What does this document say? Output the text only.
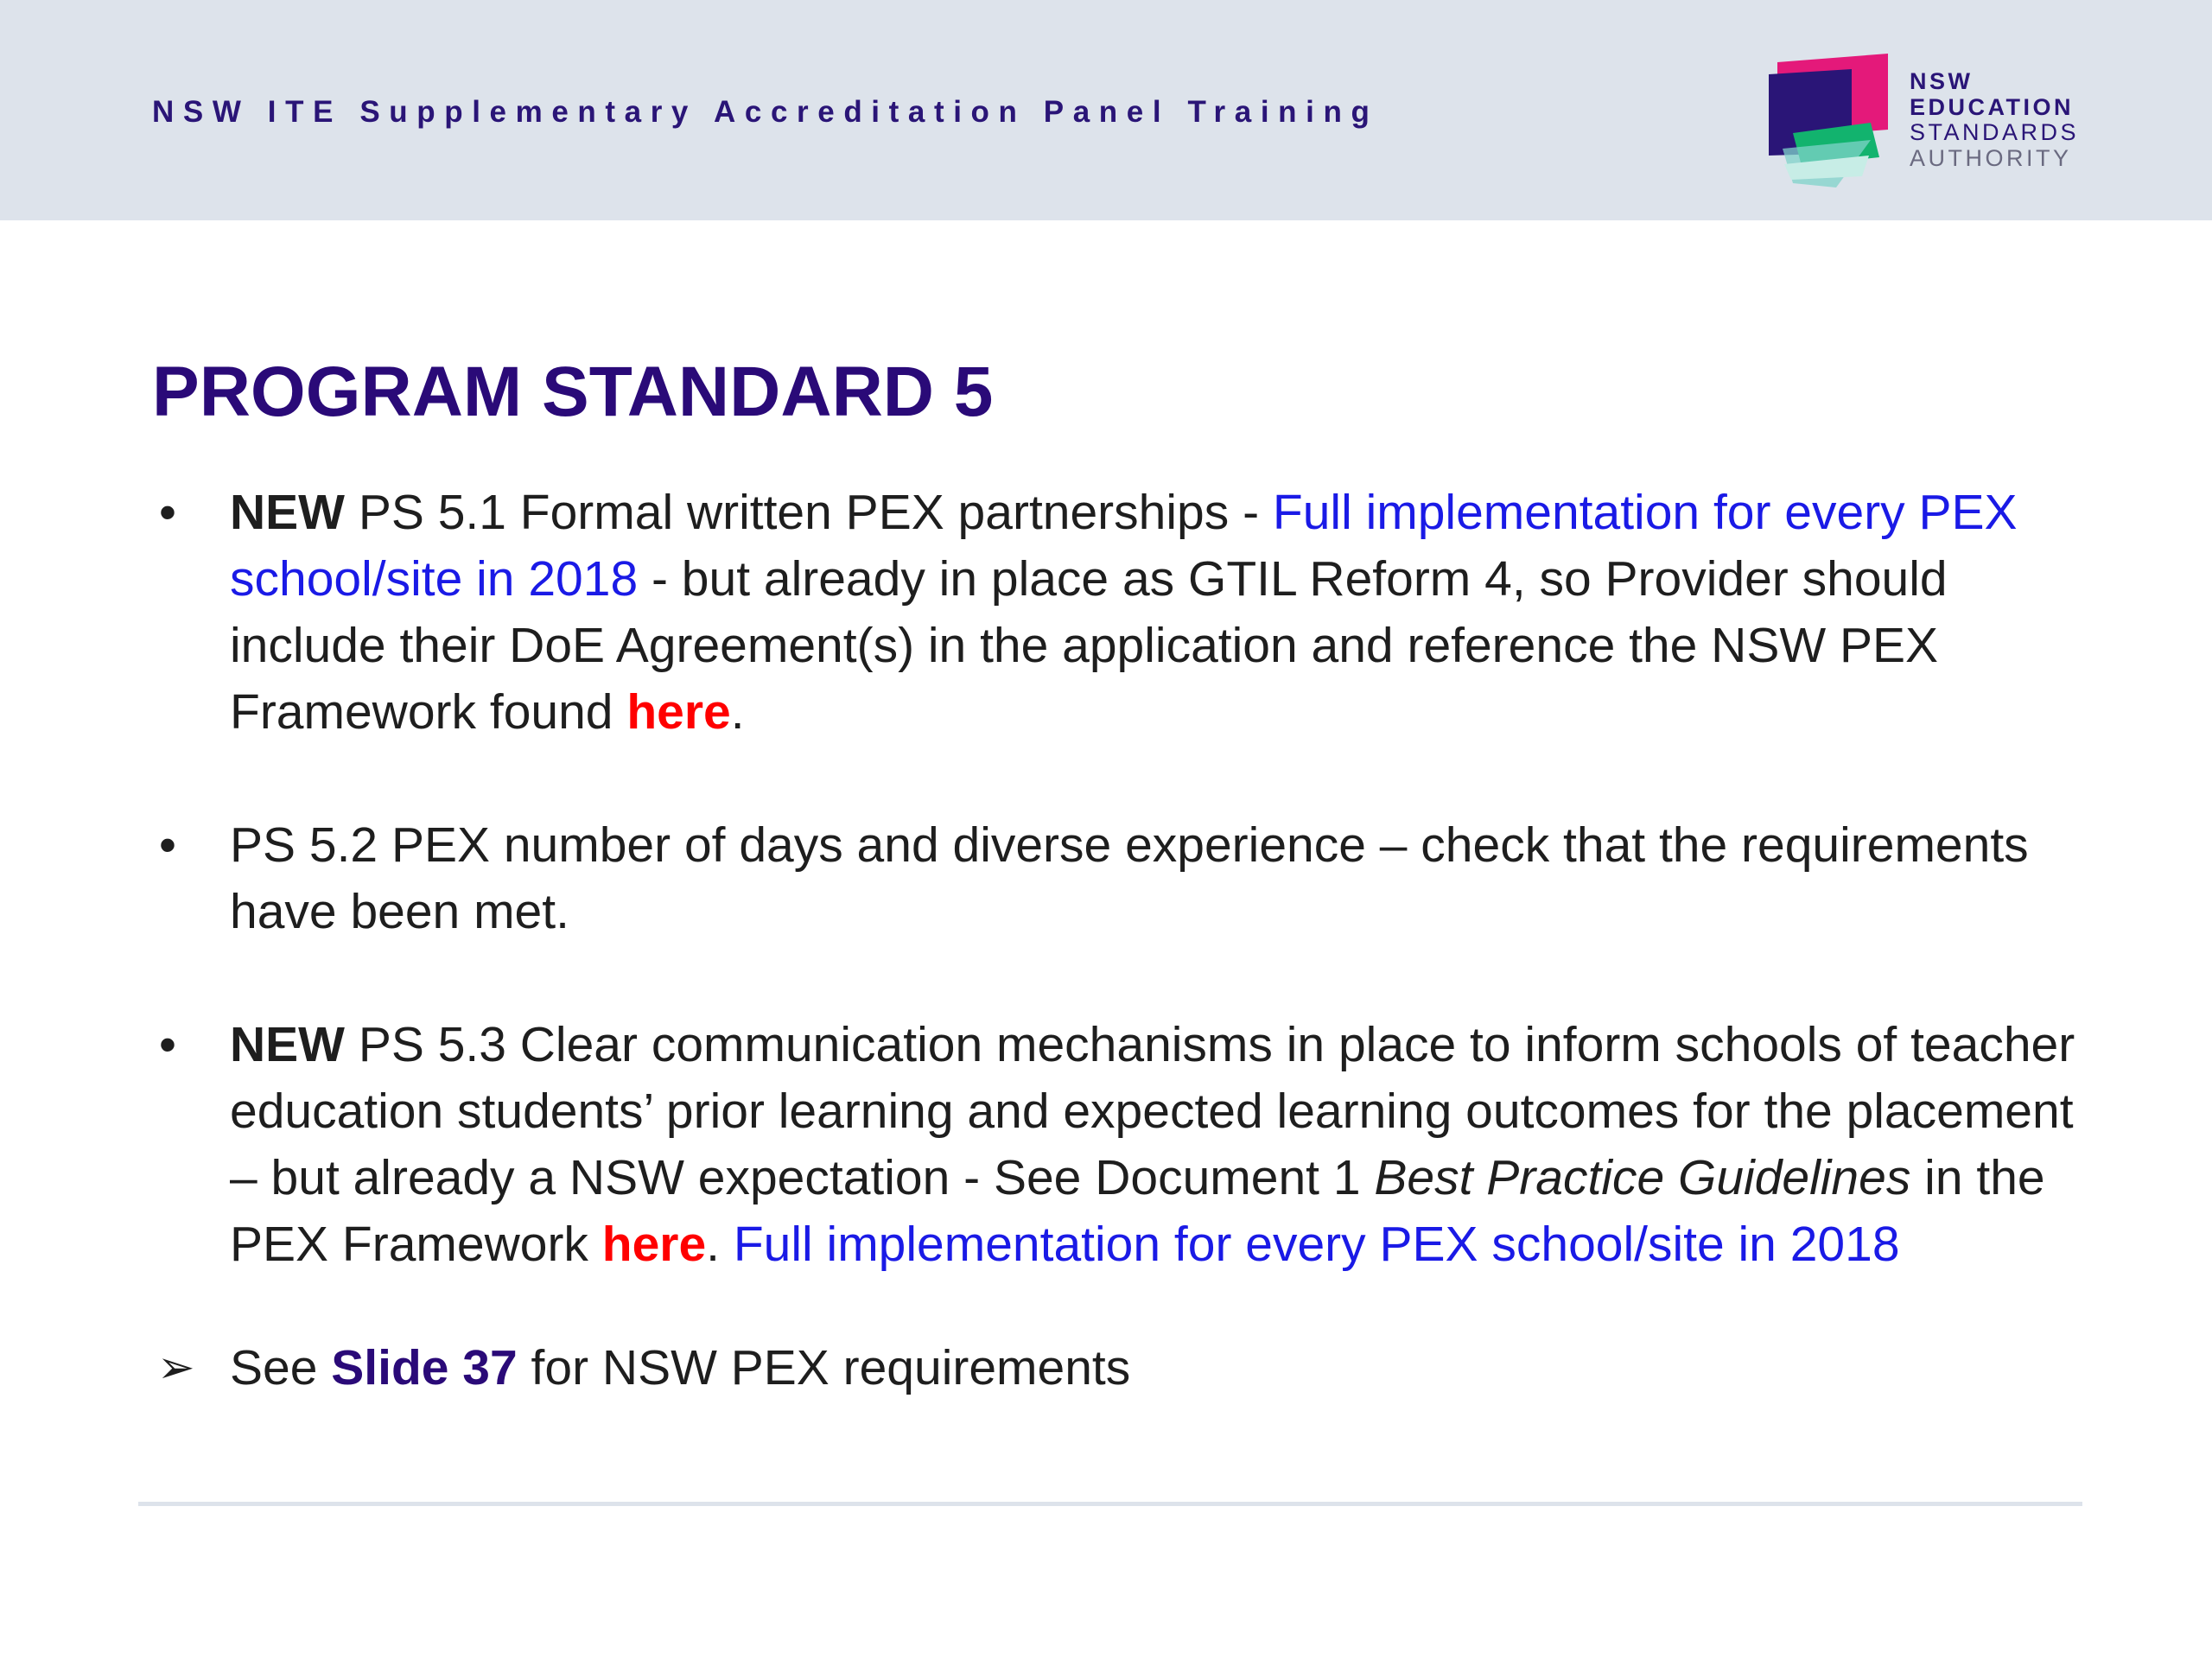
NSW ITE Supplementary Accreditation Panel Training
NSW
EDUCATION
STANDARDS
AUTHORITY
PROGRAM STANDARD 5
• NEW PS 5.1 Formal written PEX partnerships - Full implementation for every PEX school/site in 2018 - but already in place as GTIL Reform 4, so Provider should include their DoE Agreement(s) in the application and reference the NSW PEX Framework found here.
• PS 5.2 PEX number of days and diverse experience – check that the requirements have been met.
• NEW PS 5.3 Clear communication mechanisms in place to inform schools of teacher education students’ prior learning and expected learning outcomes for the placement – but already a NSW expectation - See Document 1 Best Practice Guidelines in the PEX Framework here. Full implementation for every PEX school/site in 2018
➢ See Slide 37 for NSW PEX requirements
